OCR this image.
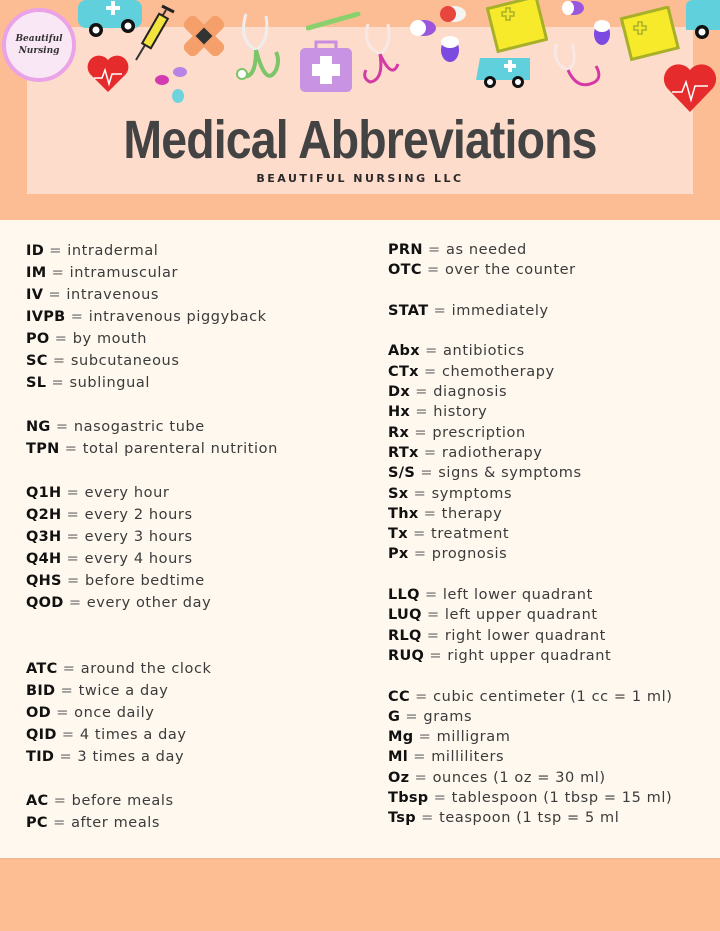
Beautiful
Nursing
Medical Abbreviations
BEAUTIFUL NURSING LLC
ID = intradermal
IM = intramuscular
IV = intravenous
IVPB = intravenous piggyback
PO = by mouth
SC = subcutaneous
SL = sublingual
NG = nasogastric tube
TPN = total parenteral nutrition
Q1H = every hour
Q2H = every 2 hours
Q3H = every 3 hours
Q4H = every 4 hours
QHS = before bedtime
QOD = every other day
ATC = around the clock
BID = twice a day
OD = once daily
QID = 4 times a day
TID = 3 times a day
AC = before meals
PC = after meals
PRN = as needed
OTC = over the counter
STAT = immediately
Abx = antibiotics
CTx = chemotherapy
Dx = diagnosis
Hx = history
Rx = prescription
RTx = radiotherapy
S/S = signs & symptoms
Sx = symptoms
Thx = therapy
Tx = treatment
Px = prognosis
LLQ = left lower quadrant
LUQ = left upper quadrant
RLQ = right lower quadrant
RUQ = right upper quadrant
CC = cubic centimeter (1 cc = 1 ml)
G = grams
Mg = milligram
Ml = milliliters
Oz = ounces (1 oz = 30 ml)
Tbsp = tablespoon (1 tbsp = 15 ml)
Tsp = teaspoon (1 tsp = 5 ml
